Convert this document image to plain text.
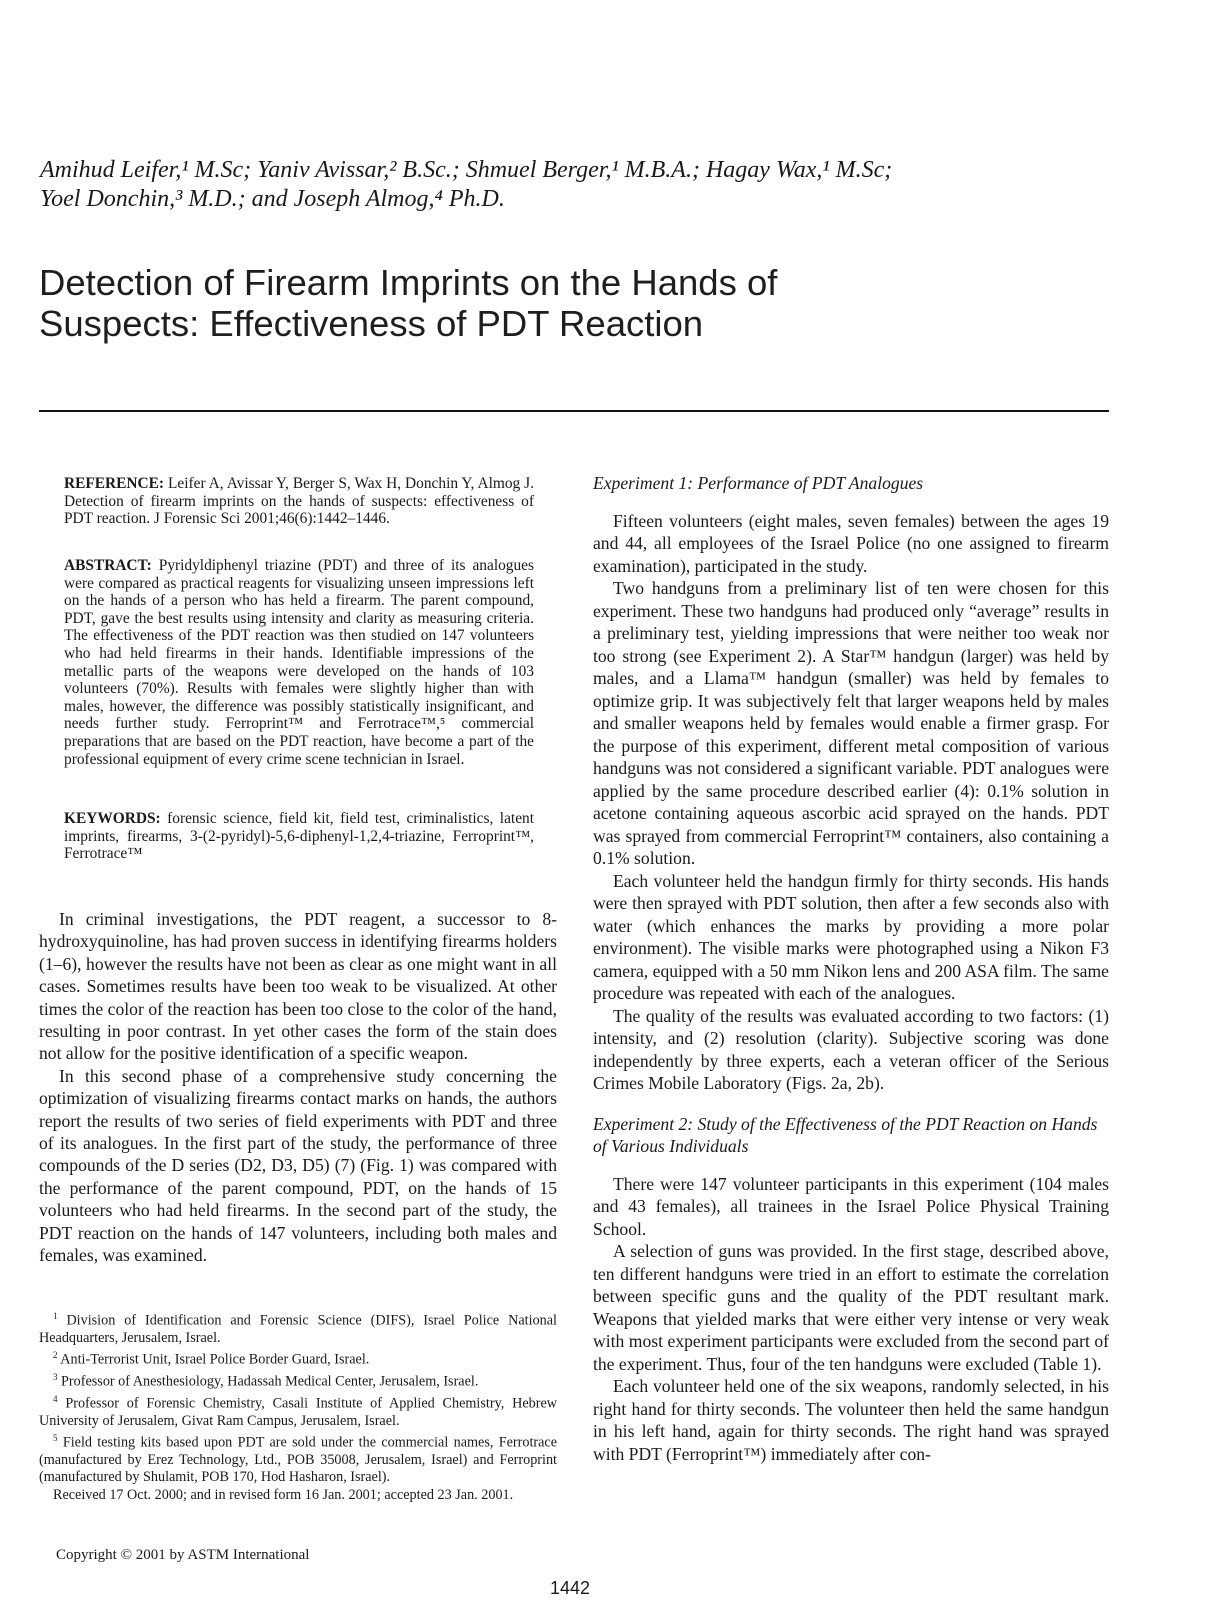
Amihud Leifer,¹ M.Sc; Yaniv Avissar,² B.Sc.; Shmuel Berger,¹ M.B.A.; Hagay Wax,¹ M.Sc;
Yoel Donchin,³ M.D.; and Joseph Almog,⁴ Ph.D.
Detection of Firearm Imprints on the Hands of
Suspects: Effectiveness of PDT Reaction
REFERENCE: Leifer A, Avissar Y, Berger S, Wax H, Donchin Y, Almog J. Detection of firearm imprints on the hands of suspects: effectiveness of PDT reaction. J Forensic Sci 2001;46(6):1442–1446.
ABSTRACT: Pyridyldiphenyl triazine (PDT) and three of its analogues were compared as practical reagents for visualizing unseen impressions left on the hands of a person who has held a firearm. The parent compound, PDT, gave the best results using intensity and clarity as measuring criteria. The effectiveness of the PDT reaction was then studied on 147 volunteers who had held firearms in their hands. Identifiable impressions of the metallic parts of the weapons were developed on the hands of 103 volunteers (70%). Results with females were slightly higher than with males, however, the difference was possibly statistically insignificant, and needs further study. Ferroprint™ and Ferrotrace™,⁵ commercial preparations that are based on the PDT reaction, have become a part of the professional equipment of every crime scene technician in Israel.
KEYWORDS: forensic science, field kit, field test, criminalistics, latent imprints, firearms, 3-(2-pyridyl)-5,6-diphenyl-1,2,4-triazine, Ferroprint™, Ferrotrace™

In criminal investigations, the PDT reagent, a successor to 8-hydroxyquinoline, has had proven success in identifying firearms holders (1–6), however the results have not been as clear as one might want in all cases. Sometimes results have been too weak to be visualized. At other times the color of the reaction has been too close to the color of the hand, resulting in poor contrast. In yet other cases the form of the stain does not allow for the positive identification of a specific weapon.

In this second phase of a comprehensive study concerning the optimization of visualizing firearms contact marks on hands, the authors report the results of two series of field experiments with PDT and three of its analogues. In the first part of the study, the performance of three compounds of the D series (D2, D3, D5) (7) (Fig. 1) was compared with the performance of the parent compound, PDT, on the hands of 15 volunteers who had held firearms. In the second part of the study, the PDT reaction on the hands of 147 volunteers, including both males and females, was examined.

$^1$ Division of Identification and Forensic Science (DIFS), Israel Police National Headquarters, Jerusalem, Israel.

$^2$ Anti-Terrorist Unit, Israel Police Border Guard, Israel.

$^3$ Professor of Anesthesiology, Hadassah Medical Center, Jerusalem, Israel.

$^4$ Professor of Forensic Chemistry, Casali Institute of Applied Chemistry, Hebrew University of Jerusalem, Givat Ram Campus, Jerusalem, Israel.

$^5$ Field testing kits based upon PDT are sold under the commercial names, Ferrotrace (manufactured by Erez Technology, Ltd., POB 35008, Jerusalem, Israel) and Ferroprint (manufactured by Shulamit, POB 170, Hod Hasharon, Israel).

Received 17 Oct. 2000; and in revised form 16 Jan. 2001; accepted 23 Jan. 2001.

Experiment 1: Performance of PDT Analogues

Fifteen volunteers (eight males, seven females) between the ages 19 and 44, all employees of the Israel Police (no one assigned to firearm examination), participated in the study.

Two handguns from a preliminary list of ten were chosen for this experiment. These two handguns had produced only “average” results in a preliminary test, yielding impressions that were neither too weak nor too strong (see Experiment 2). A Star™ handgun (larger) was held by males, and a Llama™ handgun (smaller) was held by females to optimize grip. It was subjectively felt that larger weapons held by males and smaller weapons held by females would enable a firmer grasp. For the purpose of this experiment, different metal composition of various handguns was not considered a significant variable. PDT analogues were applied by the same procedure described earlier (4): 0.1% solution in acetone containing aqueous ascorbic acid sprayed on the hands. PDT was sprayed from commercial Ferroprint™ containers, also containing a 0.1% solution.

Each volunteer held the handgun firmly for thirty seconds. His hands were then sprayed with PDT solution, then after a few seconds also with water (which enhances the marks by providing a more polar environment). The visible marks were photographed using a Nikon F3 camera, equipped with a 50 mm Nikon lens and 200 ASA film. The same procedure was repeated with each of the analogues.

The quality of the results was evaluated according to two factors: (1) intensity, and (2) resolution (clarity). Subjective scoring was done independently by three experts, each a veteran officer of the Serious Crimes Mobile Laboratory (Figs. 2a, 2b).

Experiment 2: Study of the Effectiveness of the PDT Reaction on Hands of Various Individuals

There were 147 volunteer participants in this experiment (104 males and 43 females), all trainees in the Israel Police Physical Training School.

A selection of guns was provided. In the first stage, described above, ten different handguns were tried in an effort to estimate the correlation between specific guns and the quality of the PDT resultant mark. Weapons that yielded marks that were either very intense or very weak with most experiment participants were excluded from the second part of the experiment. Thus, four of the ten handguns were excluded (Table 1).

Each volunteer held one of the six weapons, randomly selected, in his right hand for thirty seconds. The volunteer then held the same handgun in his left hand, again for thirty seconds. The right hand was sprayed with PDT (Ferroprint™) immediately after con-

Copyright © 2001 by ASTM International
1442
